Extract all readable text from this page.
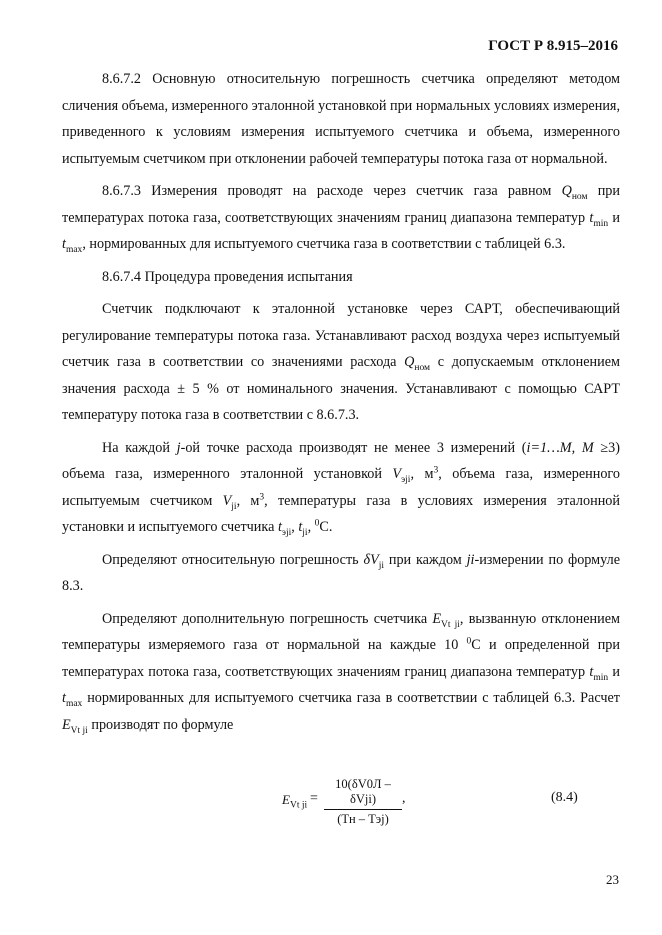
ГОСТ Р 8.915–2016

8.6.7.2 Основную относительную погрешность счетчика определяют методом сличения объема, измеренного эталонной установкой при нормальных условиях измерения, приведенного к условиям измерения испытуемого счетчика и объема, измеренного испытуемым счетчиком при отклонении рабочей температуры потока газа от нормальной.

8.6.7.3 Измерения проводят на расходе через счетчик газа равном $Q_{ном}$ при температурах потока газа, соответствующих значениям границ диапазона температур $t_{min}$ и $t_{max}$, нормированных для испытуемого счетчика газа в соответствии с таблицей 6.3.

8.6.7.4 Процедура проведения испытания

Счетчик подключают к эталонной установке через САРТ, обеспечивающий регулирование температуры потока газа. Устанавливают расход воздуха через испытуемый счетчик газа в соответствии со значениями расхода $Q_{ном}$ с допускаемым отклонением значения расхода ± 5 % от номинального значения. Устанавливают с помощью САРТ температуру потока газа в соответствии с 8.6.7.3.

На каждой j-ой точке расхода производят не менее 3 измерений (i=1…M, M ≥3) объема газа, измеренного эталонной установкой $V_{эji}$, $м^3$, объема газа, измеренного испытуемым счетчиком $V_{ji}$, $м^3$, температуры газа в условиях измерения эталонной установки и испытуемого счетчика $t_{эji}$, $t_{ji}$, $^0$С.

Определяют относительную погрешность $\delta V_{ji}$ при каждом ji-измерении по формуле 8.3.

Определяют дополнительную погрешность счетчика $E_{Vt ji}$, вызванную отклонением температуры измеряемого газа от нормальной на каждые 10 $^0$С и определенной при температурах потока газа, соответствующих значениям границ диапазона температур $t_{min}$ и $t_{max}$ нормированных для испытуемого счетчика газа в соответствии с таблицей 6.3. Расчет $E_{Vt ji}$ производят по формуле

$E_{Vt ji}$ =
10(δV0Л – δVji)
(Tн – Tэj)
,	(8.4)
23
